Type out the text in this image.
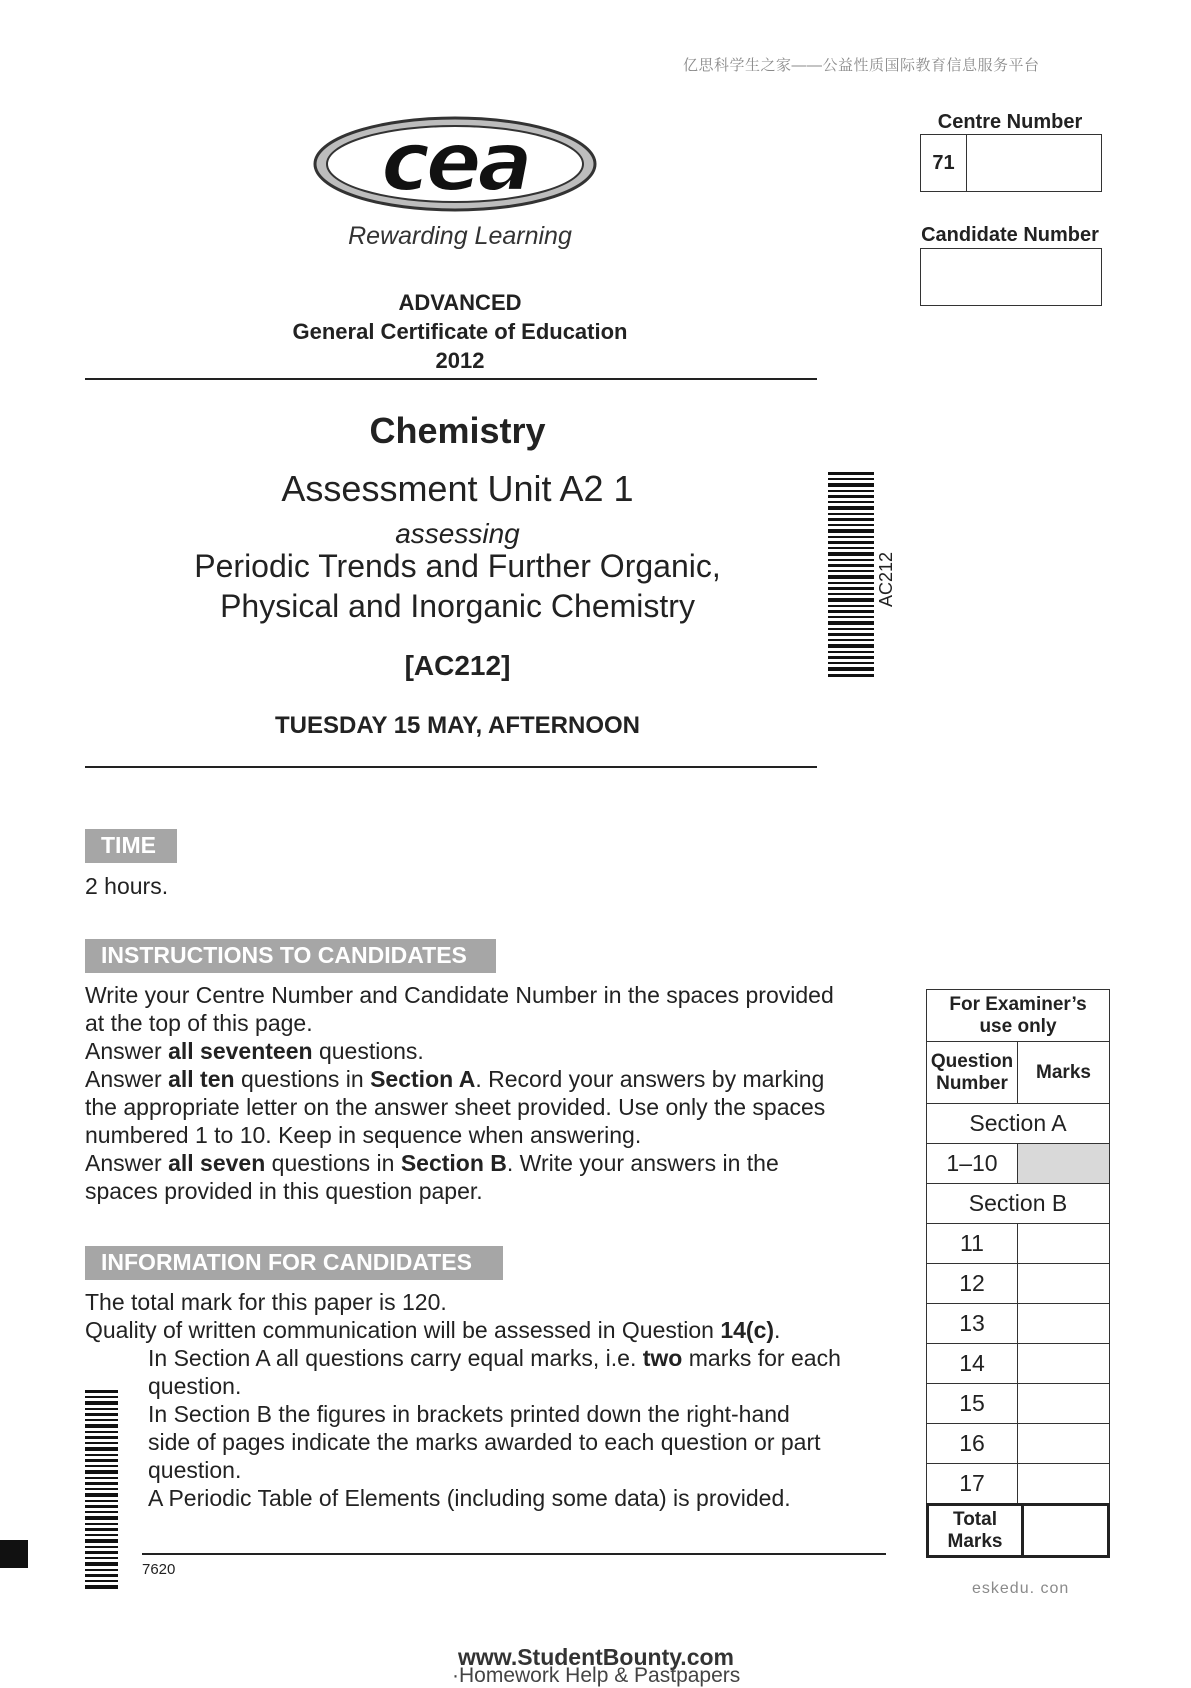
亿思科学生之家——公益性质国际教育信息服务平台
cea
Rewarding Learning
ADVANCED
General Certificate of Education
2012
Centre Number
71
Candidate Number
Chemistry
Assessment Unit A2 1
assessing
Periodic Trends and Further Organic,
Physical and Inorganic Chemistry
[AC212]
TUESDAY 15 MAY, AFTERNOON
AC212
TIME
2 hours.
INSTRUCTIONS TO CANDIDATES
Write your Centre Number and Candidate Number in the spaces provided
at the top of this page.
Answer all seventeen questions.
Answer all ten questions in Section A. Record your answers by marking
the appropriate letter on the answer sheet provided. Use only the spaces
numbered 1 to 10. Keep in sequence when answering.
Answer all seven questions in Section B. Write your answers in the
spaces provided in this question paper.
INFORMATION FOR CANDIDATES
The total mark for this paper is 120.
Quality of written communication will be assessed in Question 14(c).
In Section A all questions carry equal marks, i.e. two marks for each
question.
In Section B the figures in brackets printed down the right-hand
side of pages indicate the marks awarded to each question or part
question.
A Periodic Table of Elements (including some data) is provided.
For Examiner’s
use only	

Question
Number	Marks
Section A	
1–10	
Section B	
11	
12	
13	
14	
15	
16	
17	
Total
Marks
7620
eskedu. con
www.StudentBounty.com
·Homework Help & Pastpapers
